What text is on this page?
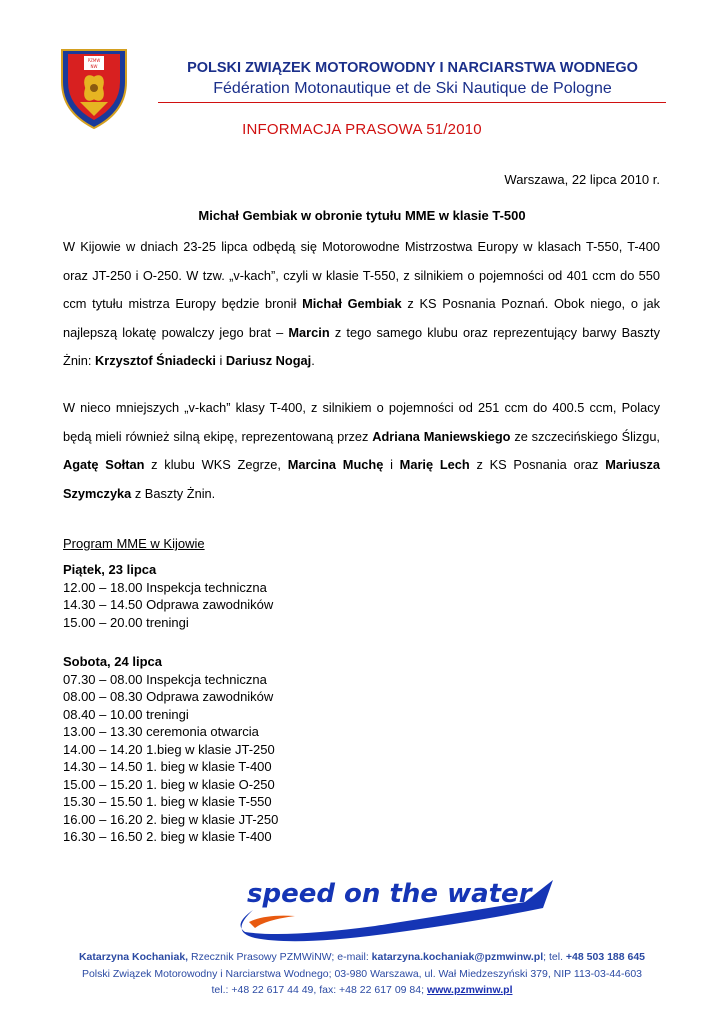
PZMW
NW	POLSKI ZWIĄZEK MOTOROWODNY I NARCIARSTWA WODNEGO
Fédération Motonautique et de Ski Nautique de Pologne
INFORMACJA PRASOWA 51/2010
Warszawa, 22 lipca 2010 r.
Michał Gembiak w obronie tytułu MME w klasie T-500
W Kijowie w dniach 23-25 lipca odbędą się Motorowodne Mistrzostwa Europy w klasach T-550, T-400 oraz JT-250 i O-250. W tzw. „v-kach”, czyli w klasie T-550, z silnikiem o pojemności od 401 ccm do 550 ccm tytułu mistrza Europy będzie bronił Michał Gembiak z KS Posnania Poznań. Obok niego, o jak najlepszą lokatę powalczy jego brat – Marcin z tego samego klubu oraz reprezentujący barwy Baszty Żnin: Krzysztof Śniadecki i Dariusz Nogaj.
W nieco mniejszych „v-kach” klasy T-400, z silnikiem o pojemności od 251 ccm do 400.5 ccm, Polacy będą mieli również silną ekipę, reprezentowaną przez Adriana Maniewskiego ze szczecińskiego Ślizgu, Agatę Sołtan z klubu WKS Zegrze, Marcina Muchę i Marię Lech z KS Posnania oraz Mariusza Szymczyka z Baszty Żnin.
Program MME w Kijowie
Piątek, 23 lipca
12.00 – 18.00 Inspekcja techniczna
14.30 – 14.50 Odprawa zawodników
15.00 – 20.00 treningi
Sobota, 24 lipca
07.30 – 08.00 Inspekcja techniczna
08.00 – 08.30 Odprawa zawodników
08.40 – 10.00 treningi
13.00 – 13.30 ceremonia otwarcia
14.00 – 14.20 1.bieg w klasie JT-250
14.30 – 14.50 1. bieg w klasie T-400
15.00 – 15.20 1. bieg w klasie O-250
15.30 – 15.50 1. bieg w klasie T-550
16.00 – 16.20 2. bieg w klasie JT-250
16.30 – 16.50 2. bieg w klasie T-400
speed on the water
Katarzyna Kochaniak, Rzecznik Prasowy PZMWiNW; e-mail: katarzyna.kochaniak@pzmwinw.pl; tel. +48 503 188 645
Polski Związek Motorowodny i Narciarstwa Wodnego; 03-980 Warszawa, ul. Wał Miedzeszyński 379, NIP 113-03-44-603
tel.: +48 22 617 44 49, fax: +48 22 617 09 84; www.pzmwinw.pl
